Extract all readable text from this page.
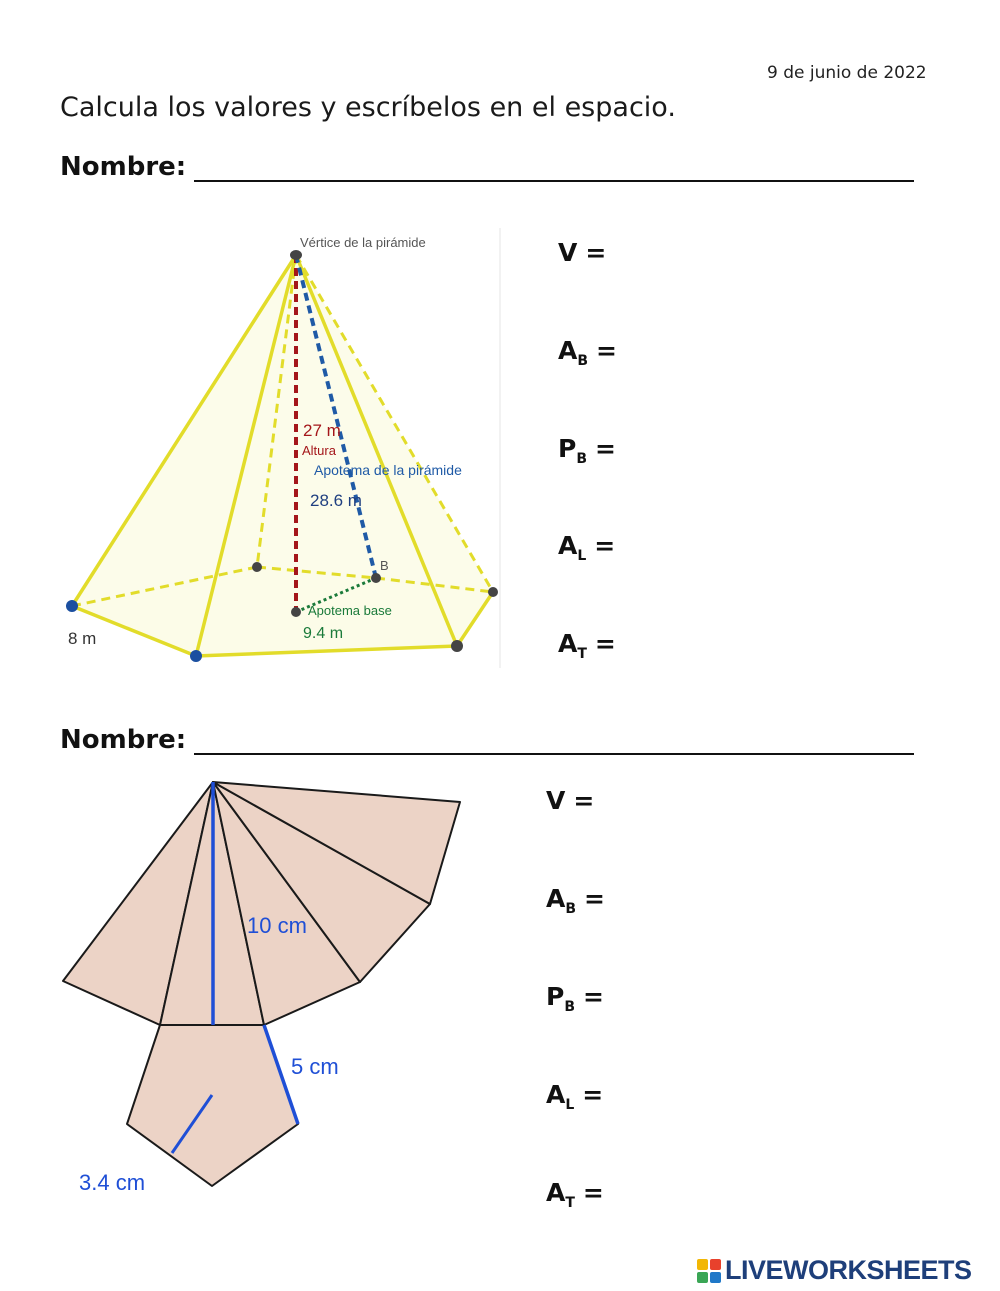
9 de junio de 2022
Calcula los valores y escríbelos en el espacio.
Nombre:
Vértice de la pirámide
27 m
Altura
Apotema de la pirámide
28.6 m
B
Apotema base
9.4 m
8 m
V =
$A_B$ =
$P_B$ =
$A_L$ =
$A_T$ =
Nombre:
10 cm
5 cm
3.4 cm
V =
$A_B$ =
$P_B$ =
$A_L$ =
$A_T$ =
LIVEWORKSHEETS
